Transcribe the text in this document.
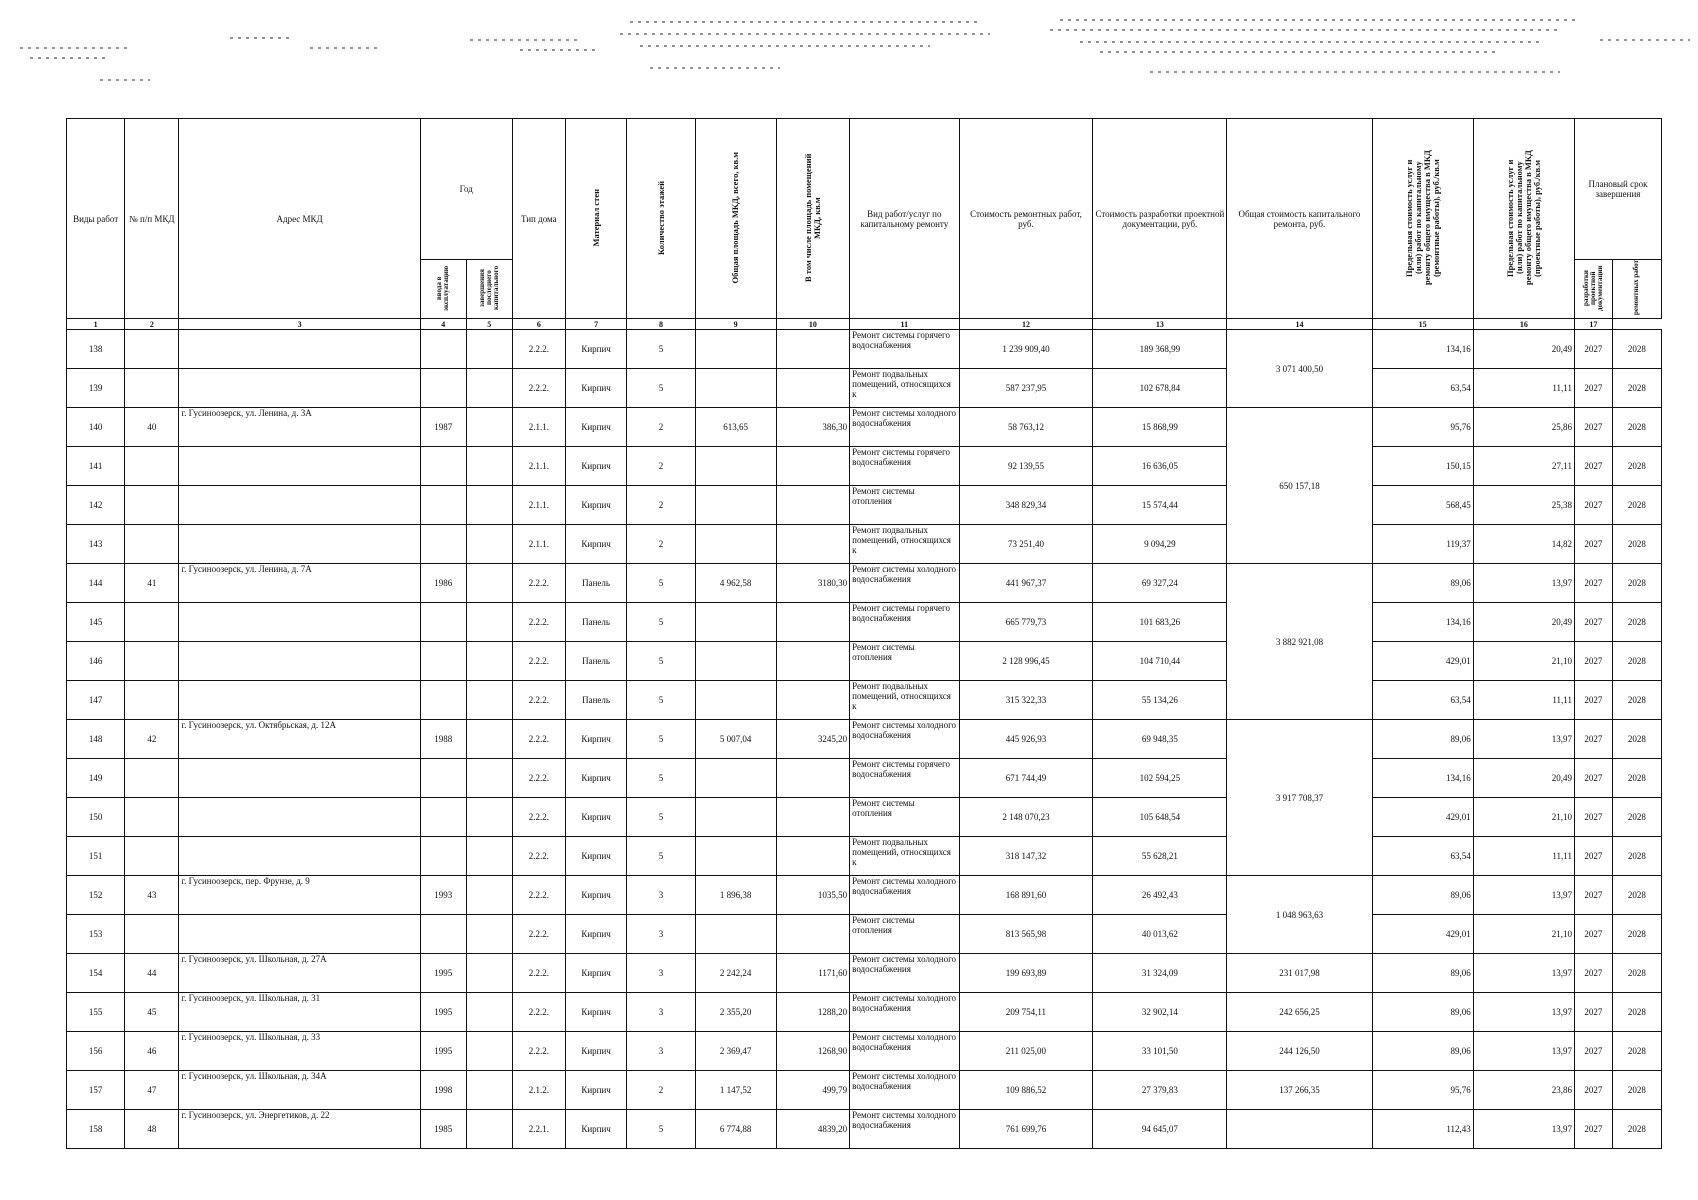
Виды работ	№ п/п МКД	Адрес МКД	Год		Тип дома	Материал стен	Количество этажей	Общая площадь МКД, всего, кв.м	В том числе площадь помещений МКД, кв.м	Вид работ/услуг по капитальному ремонту	Стоимость ремонтных работ, руб.	Стоимость разработки проектной документации, руб.	Общая стоимость капитального ремонта, руб.	Предельная стоимость услуг и (или) работ по капитальному ремонту общего имущества в МКД (ремонтные работы), руб./кв.м	Предельная стоимость услуг и (или) работ по капитальному ремонту общего имущества в МКД (проектные работы), руб./кв.м	Плановый срок завершения	
			ввода в эксплуатацию	завершения последнего капитального												разработки проектной документации	ремонтных работ
1	2	3	4	5	6	7	8	9	10	11	12	13	14	15	16	17	
138					2.2.2.	Кирпич	5			Ремонт системы горячего водоснабжения	1 239 909,40	189 368,99	3 071 400,50	134,16	20,49	2027	2028
139					2.2.2.	Кирпич	5			Ремонт подвальных помещений, относящихся к	587 237,95	102 678,84		63,54	11,11	2027	2028
140	40	г. Гусиноозерск, ул. Ленина, д. 3А	1987		2.1.1.	Кирпич	2	613,65	386,30	Ремонт системы холодного водоснабжения	58 763,12	15 868,99	650 157,18	95,76	25,86	2027	2028
141					2.1.1.	Кирпич	2			Ремонт системы горячего водоснабжения	92 139,55	16 636,05		150,15	27,11	2027	2028
142					2.1.1.	Кирпич	2			Ремонт системы отопления	348 829,34	15 574,44		568,45	25,38	2027	2028
143					2.1.1.	Кирпич	2			Ремонт подвальных помещений, относящихся к	73 251,40	9 094,29		119,37	14,82	2027	2028
144	41	г. Гусиноозерск, ул. Ленина, д. 7А	1986		2.2.2.	Панель	5	4 962,58	3180,30	Ремонт системы холодного водоснабжения	441 967,37	69 327,24	3 882 921,08	89,06	13,97	2027	2028
145					2.2.2.	Панель	5			Ремонт системы горячего водоснабжения	665 779,73	101 683,26		134,16	20,49	2027	2028
146					2.2.2.	Панель	5			Ремонт системы отопления	2 128 996,45	104 710,44		429,01	21,10	2027	2028
147					2.2.2.	Панель	5			Ремонт подвальных помещений, относящихся к	315 322,33	55 134,26		63,54	11,11	2027	2028
148	42	г. Гусиноозерск, ул. Октябрьская, д. 12А	1988		2.2.2.	Кирпич	5	5 007,04	3245,20	Ремонт системы холодного водоснабжения	445 926,93	69 948,35	3 917 708,37	89,06	13,97	2027	2028
149					2.2.2.	Кирпич	5			Ремонт системы горячего водоснабжения	671 744,49	102 594,25		134,16	20,49	2027	2028
150					2.2.2.	Кирпич	5			Ремонт системы отопления	2 148 070,23	105 648,54		429,01	21,10	2027	2028
151					2.2.2.	Кирпич	5			Ремонт подвальных помещений, относящихся к	318 147,32	55 628,21		63,54	11,11	2027	2028
152	43	г. Гусиноозерск, пер. Фрунзе, д. 9	1993		2.2.2.	Кирпич	3	1 896,38	1035,50	Ремонт системы холодного водоснабжения	168 891,60	26 492,43	1 048 963,63	89,06	13,97	2027	2028
153					2.2.2.	Кирпич	3			Ремонт системы отопления	813 565,98	40 013,62		429,01	21,10	2027	2028
154	44	г. Гусиноозерск, ул. Школьная, д. 27А	1995		2.2.2.	Кирпич	3	2 242,24	1171,60	Ремонт системы холодного водоснабжения	199 693,89	31 324,09	231 017,98	89,06	13,97	2027	2028
155	45	г. Гусиноозерск, ул. Школьная, д. 31	1995		2.2.2.	Кирпич	3	2 355,20	1288,20	Ремонт системы холодного водоснабжения	209 754,11	32 902,14	242 656,25	89,06	13,97	2027	2028
156	46	г. Гусиноозерск, ул. Школьная, д. 33	1995		2.2.2.	Кирпич	3	2 369,47	1268,90	Ремонт системы холодного водоснабжения	211 025,00	33 101,50	244 126,50	89,06	13,97	2027	2028
157	47	г. Гусиноозерск, ул. Школьная, д. 34А	1998		2.1.2.	Кирпич	2	1 147,52	499,79	Ремонт системы холодного водоснабжения	109 886,52	27 379,83	137 266,35	95,76	23,86	2027	2028
158	48	г. Гусиноозерск, ул. Энергетиков, д. 22	1985		2.2.1.	Кирпич	5	6 774,88	4839,20	Ремонт системы холодного водоснабжения	761 699,76	94 645,07		112,43	13,97	2027	2028
